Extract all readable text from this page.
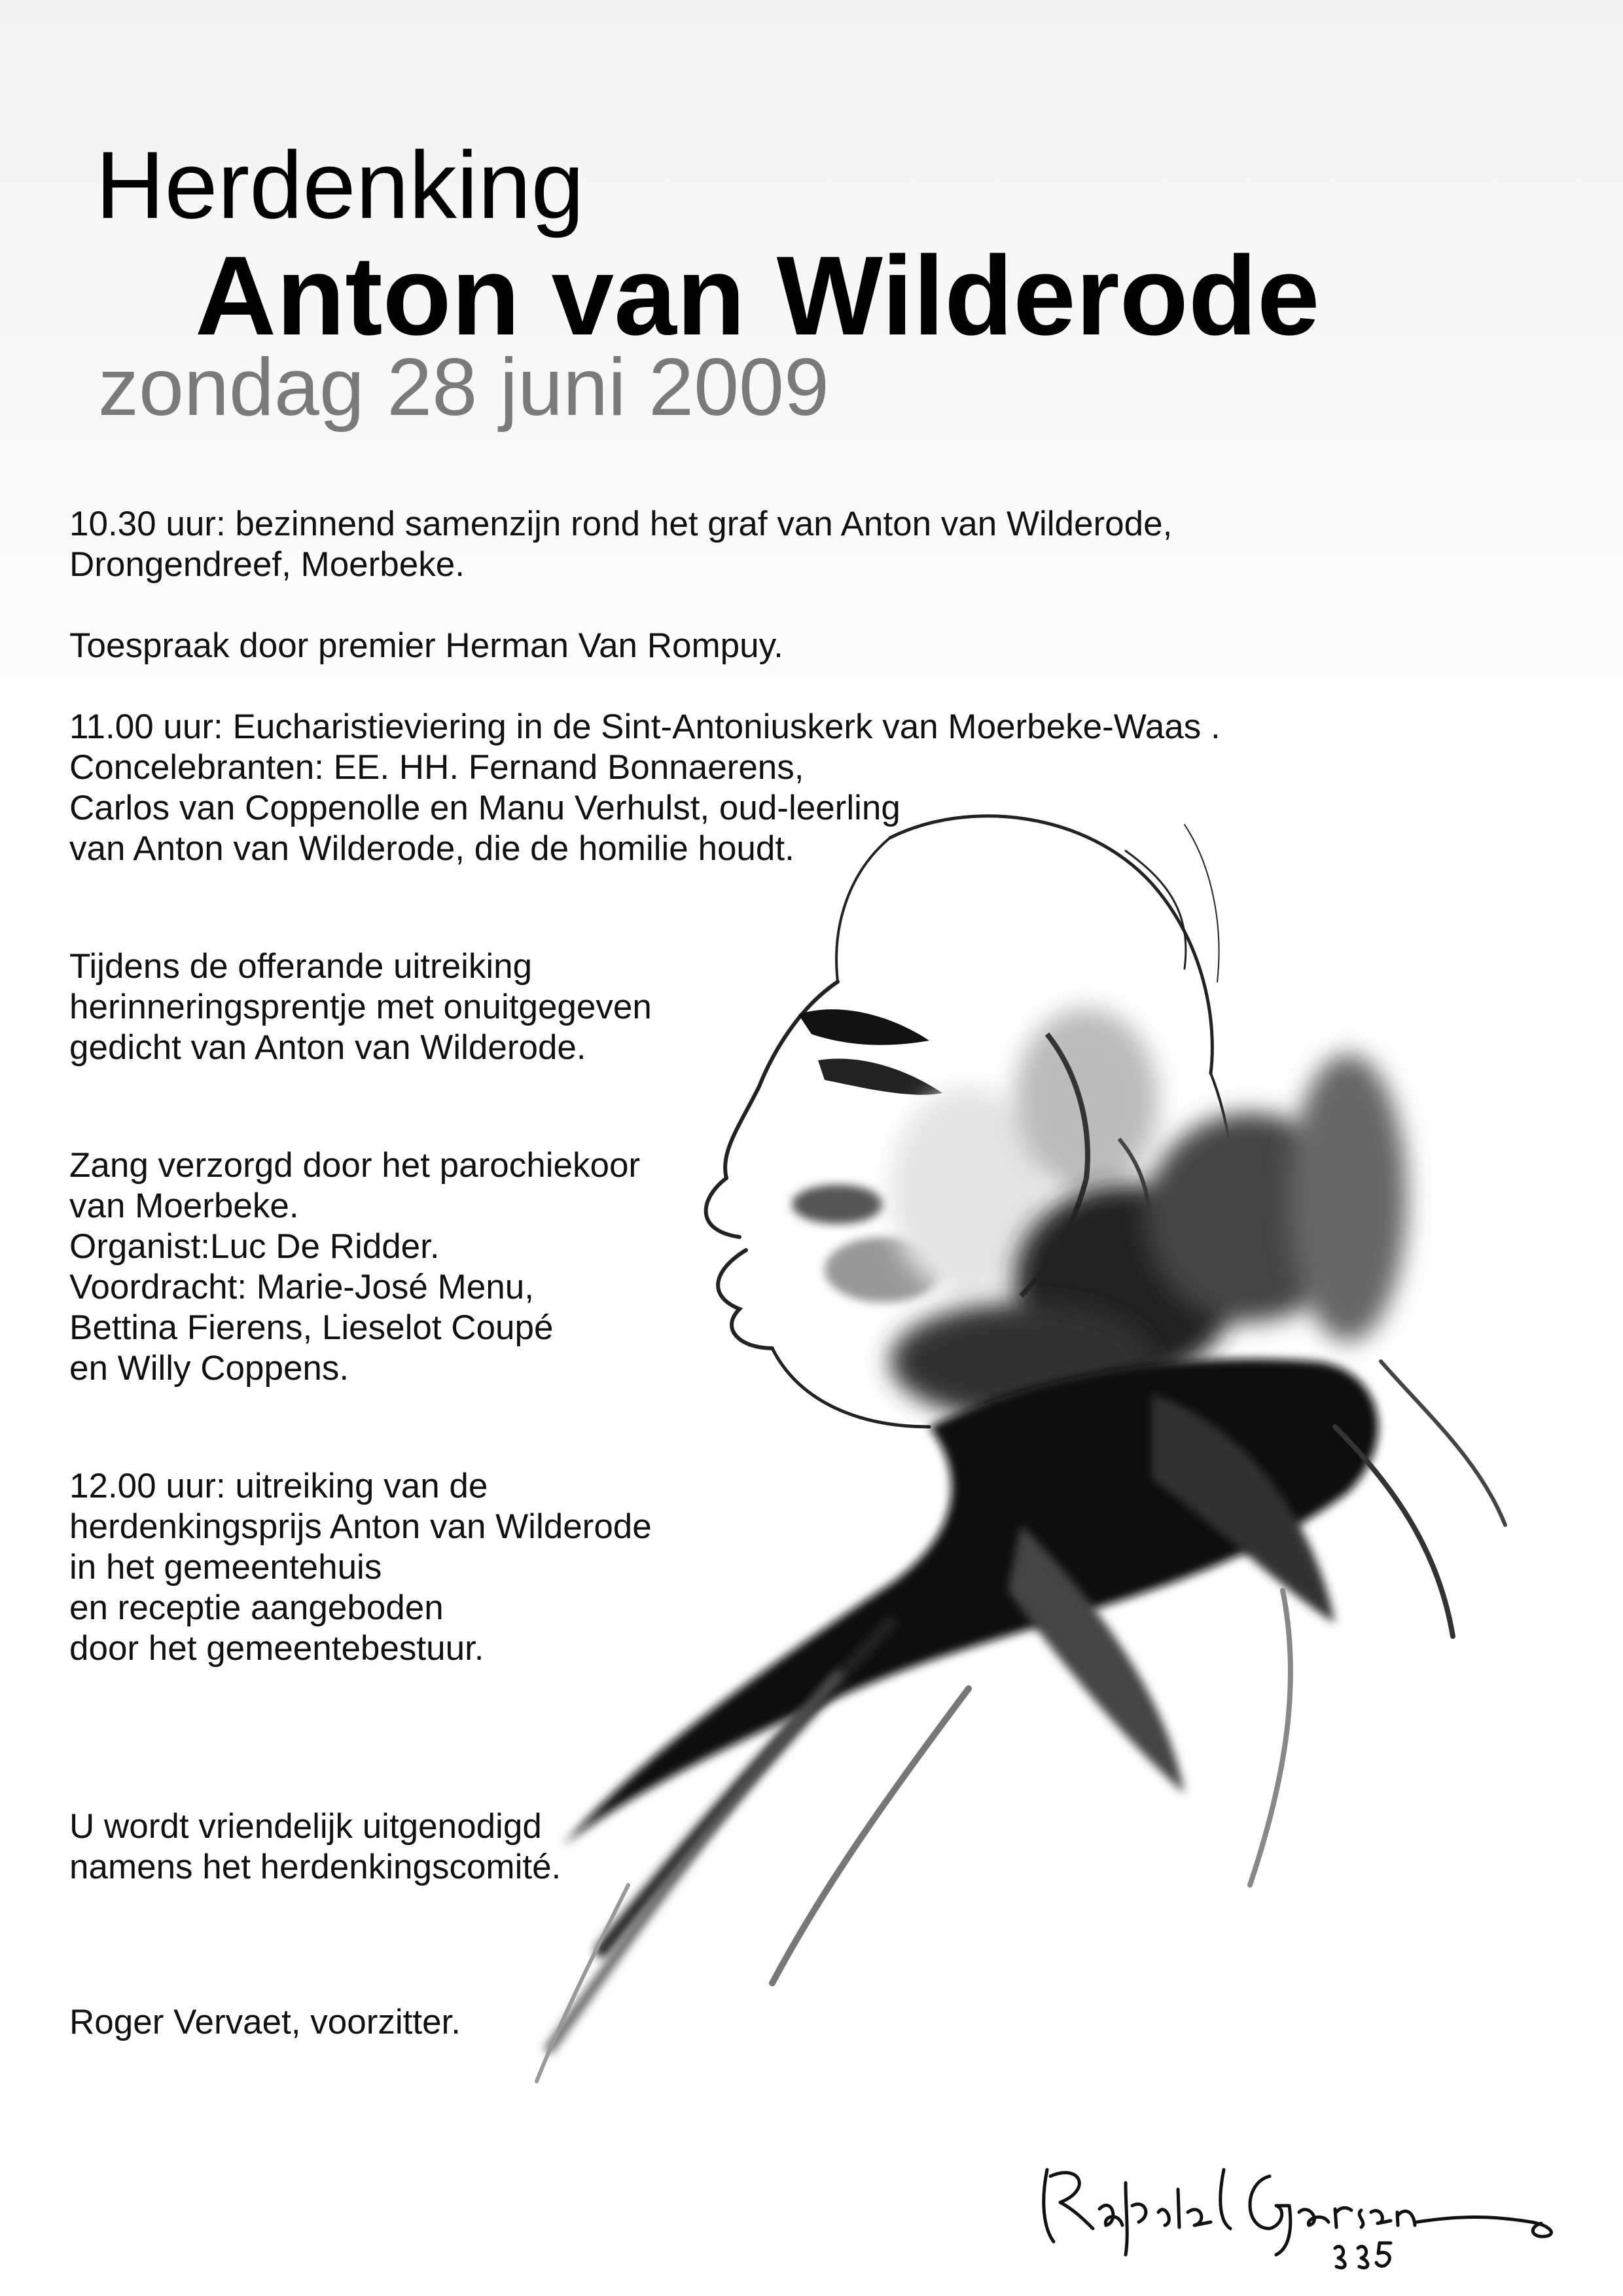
Herdenking
Anton van Wilderode
zondag 28 juni 2009

10.30 uur: bezinnend samenzijn rond het graf van Anton van Wilderode,
Drongendreef, Moerbeke.

Toespraak door premier Herman Van Rompuy.

11.00 uur: Eucharistieviering in de Sint-Antoniuskerk van Moerbeke-Waas .
Concelebranten: EE. HH. Fernand Bonnaerens,
Carlos van Coppenolle en Manu Verhulst, oud-leerling
van Anton van Wilderode, die de homilie houdt.

Tijdens de offerande uitreiking
herinneringsprentje met onuitgegeven
gedicht van Anton van Wilderode.

Zang verzorgd door het parochiekoor
van Moerbeke.
Organist:Luc De Ridder.
Voordracht: Marie-José Menu,
Bettina Fierens, Lieselot Coupé
en Willy Coppens.

12.00 uur: uitreiking van de
herdenkingsprijs Anton van Wilderode
in het gemeentehuis
en receptie aangeboden
door het gemeentebestuur.

U wordt vriendelijk uitgenodigd
namens het herdenkingscomité.

Roger Vervaet, voorzitter.
